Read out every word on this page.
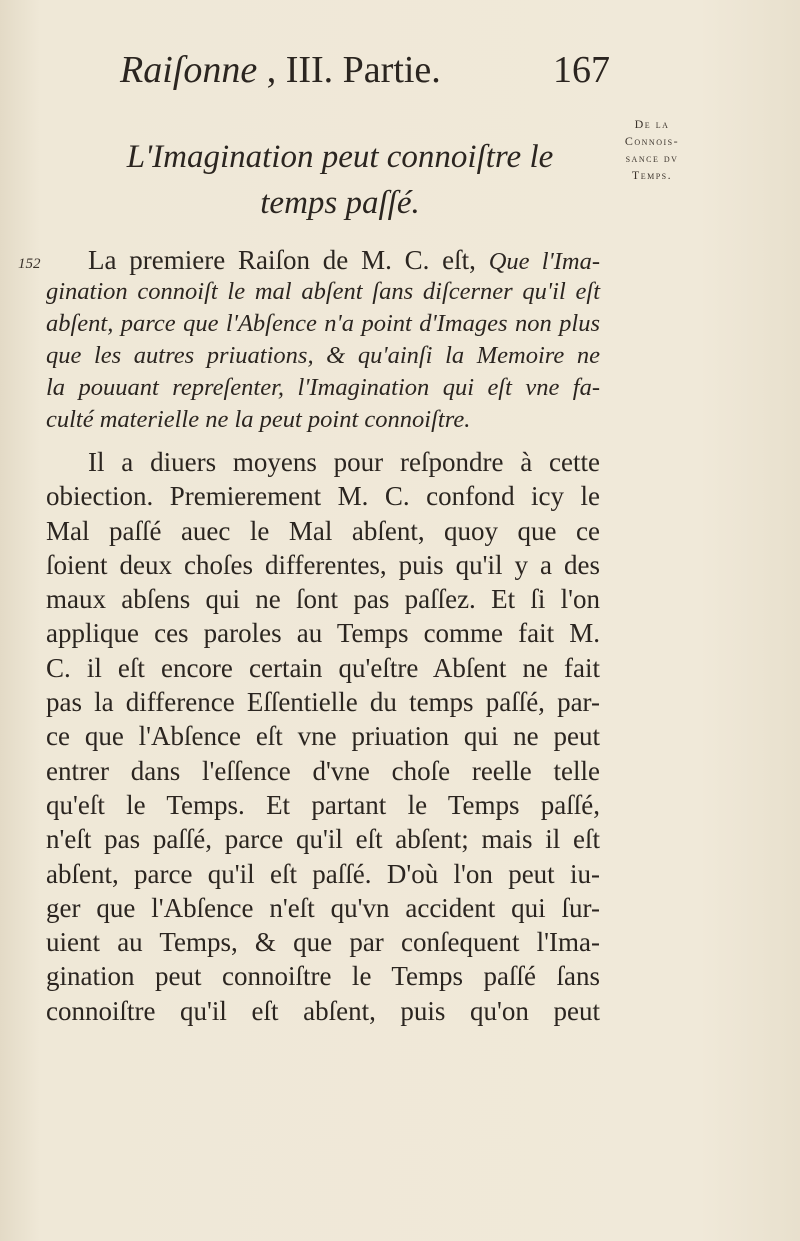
Raiſonne , III. Partie.	167
De la
Connois-
sance dv
Temps.
152
L'Imagination peut connoiſtre le
temps paſſé.
La premiere Raiſon de M. C. eſt, Que l'Ima-
gination connoiſt le mal abſent ſans diſcerner qu'il eſt
abſent, parce que l'Abſence n'a point d'Images non plus
que les autres priuations, & qu'ainſi la Memoire ne
la pouuant repreſenter, l'Imagination qui eſt vne fa-
culté materielle ne la peut point connoiſtre.
Il a diuers moyens pour reſpondre à cette
obiection. Premierement M. C. confond icy le
Mal paſſé auec le Mal abſent, quoy que ce
ſoient deux choſes differentes, puis qu'il y a des
maux abſens qui ne ſont pas paſſez. Et ſi l'on
applique ces paroles au Temps comme fait M.
C. il eſt encore certain qu'eſtre Abſent ne fait
pas la difference Eſſentielle du temps paſſé, par-
ce que l'Abſence eſt vne priuation qui ne peut
entrer dans l'eſſence d'vne choſe reelle telle
qu'eſt le Temps. Et partant le Temps paſſé,
n'eſt pas paſſé, parce qu'il eſt abſent; mais il eſt
abſent, parce qu'il eſt paſſé. D'où l'on peut iu-
ger que l'Abſence n'eſt qu'vn accident qui ſur-
uient au Temps, & que par conſequent l'Ima-
gination peut connoiſtre le Temps paſſé ſans
connoiſtre qu'il eſt abſent, puis qu'on peut
